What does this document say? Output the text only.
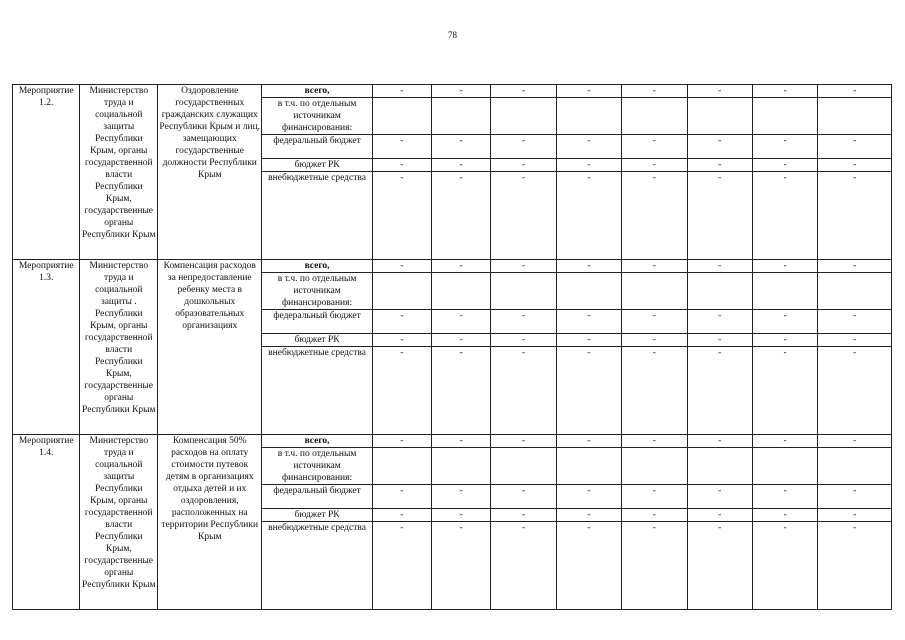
78
Мероприятие 1.2.	Министерство труда и социальной защиты Республики Крым, органы государственной власти Республики Крым, государственные органы Республики Крым	Оздоровление государственных гражданских служащих Республики Крым и лиц, замещающих государственные должности Республики Крым	всего,	-	-	-	-	-	-	-	-
			в т.ч. по отдельным источникам финансирования:								
			федеральный бюджет	-	-	-	-	-	-	-	-
			бюджет РК	-	-	-	-	-	-	-	-
			внебюджетные средства	-	-	-	-	-	-	-	-
Мероприятие 1.3.	Министерство труда и социальной защиты . Республики Крым, органы государственной власти Республики Крым, государственные органы Республики Крым	Компенсация расходов за непредоставление ребенку места в дошкольных образовательных организациях	всего,	-	-	-	-	-	-	-	-
			в т.ч. по отдельным источникам финансирования:								
			федеральный бюджет	-	-	-	-	-	-	-	-
			бюджет РК	-	-	-	-	-	-	-	-
			внебюджетные средства	-	-	-	-	-	-	-	-
Мероприятие 1.4.	Министерство труда и социальной защиты Республики Крым, органы государственной власти Республики Крым, государственные органы Республики Крым	Компенсация 50% расходов на оплату стоимости путевок детям в организациях отдыха детей и их оздоровления, расположенных на территории Республики Крым	всего,	-	-	-	-	-	-	-	-
			в т.ч. по отдельным источникам финансирования:								
			федеральный бюджет	-	-	-	-	-	-	-	-
			бюджет РК	-	-	-	-	-	-	-	-
			внебюджетные средства	-	-	-	-	-	-	-	-
